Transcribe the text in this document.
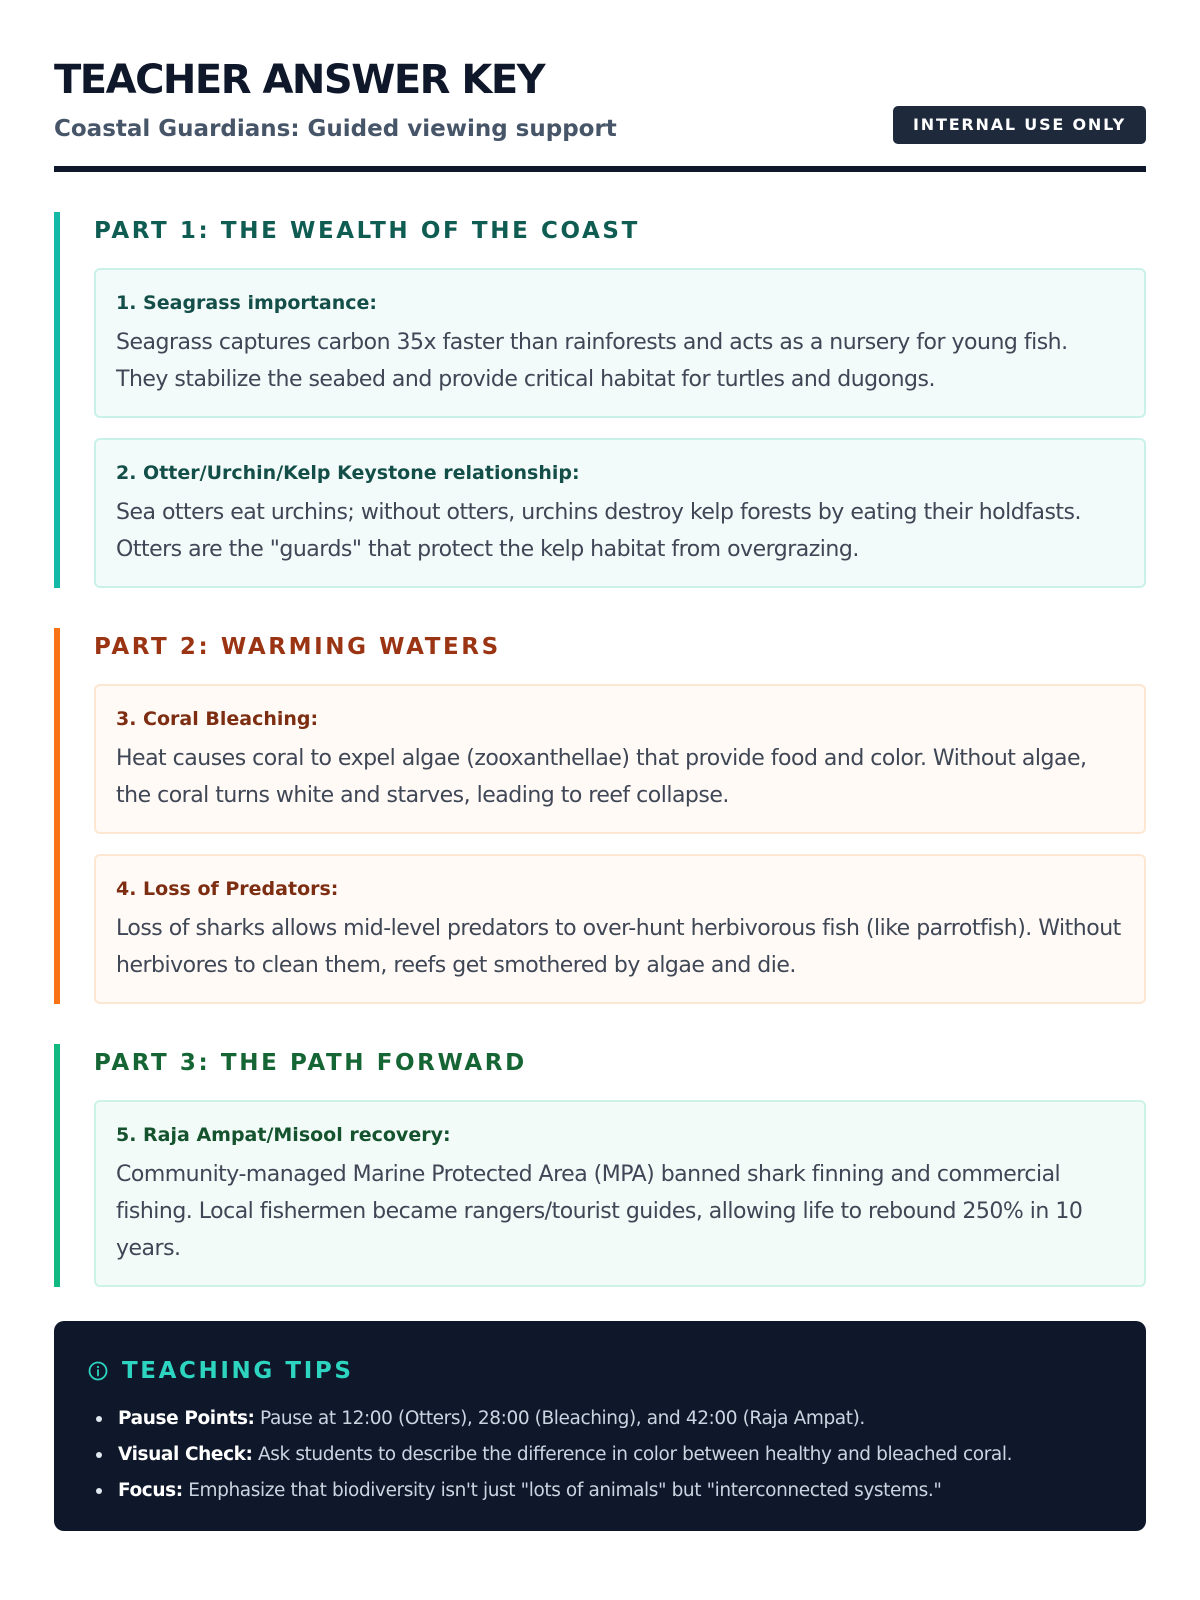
TEACHER ANSWER KEY
Coastal Guardians: Guided viewing support	INTERNAL USE ONLY
PART 1: THE WEALTH OF THE COAST
1. Seagrass importance:
Seagrass captures carbon 35x faster than rainforests and acts as a nursery for young fish. They stabilize the seabed and provide critical habitat for turtles and dugongs.
2. Otter/Urchin/Kelp Keystone relationship:
Sea otters eat urchins; without otters, urchins destroy kelp forests by eating their holdfasts. Otters are the "guards" that protect the kelp habitat from overgrazing.
PART 2: WARMING WATERS
3. Coral Bleaching:
Heat causes coral to expel algae (zooxanthellae) that provide food and color. Without algae, the coral turns white and starves, leading to reef collapse.
4. Loss of Predators:
Loss of sharks allows mid-level predators to over-hunt herbivorous fish (like parrotfish). Without herbivores to clean them, reefs get smothered by algae and die.
PART 3: THE PATH FORWARD
5. Raja Ampat/Misool recovery:
Community-managed Marine Protected Area (MPA) banned shark finning and commercial fishing. Local fishermen became rangers/tourist guides, allowing life to rebound 250% in 10 years.
TEACHING TIPS
Pause Points: Pause at 12:00 (Otters), 28:00 (Bleaching), and 42:00 (Raja Ampat).
Visual Check: Ask students to describe the difference in color between healthy and bleached coral.
Focus: Emphasize that biodiversity isn't just "lots of animals" but "interconnected systems."
